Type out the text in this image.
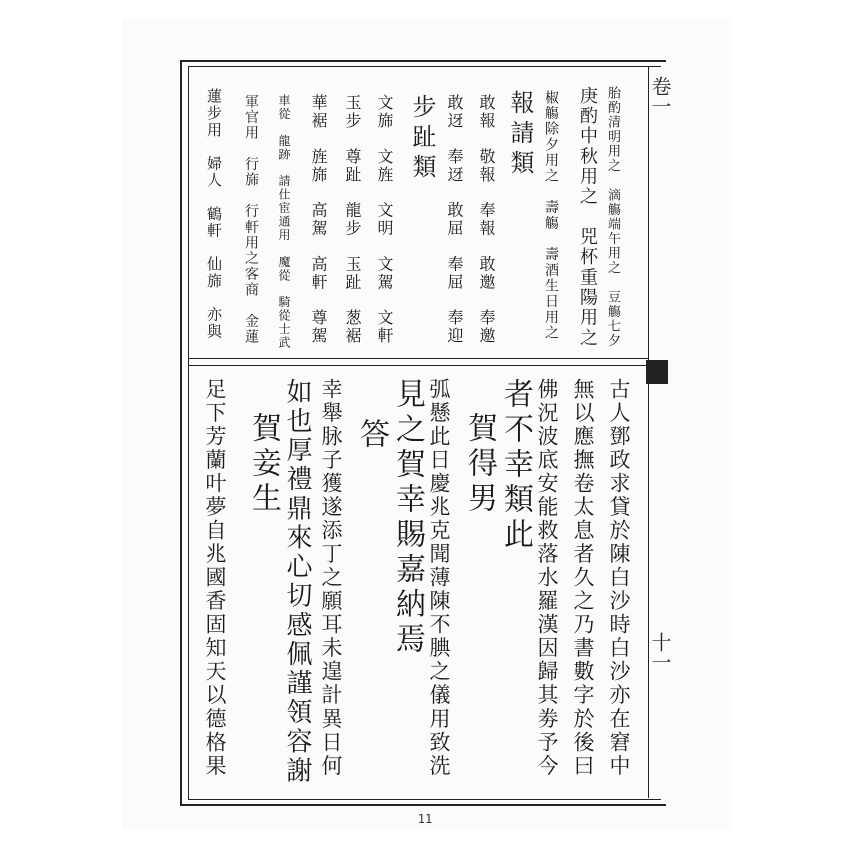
卷一
十一
胎酌清明用之　滴觴端午用之　豆觴七夕
庚酌中秋用之　兕杯重陽用之
椒觴除夕用之　壽觴　壽酒生日用之
報請類
敢報　敬報　奉報　敢邀　奉邀
敢迓　奉迓　敢屈　奉屈　奉迎
步趾類
文旆　文旌　文明　文駕　文軒
玉步　尊趾　龍步　玉趾　葱裾
華裾　旌旆　高駕　高軒　尊駕
車從　龍跡　請仕宦通用　魔從　騎從士武
軍官用　行旆　行軒用之客商　金蓮
蓮步用　婦人　鶴軒　仙旆　亦與
古人鄧政求貸於陳白沙時白沙亦在窘中
無以應撫卷太息者久之乃書數字於後曰
佛況波底安能救落水羅漢因歸其劵予今
者不幸類此
賀得男
弧懸此日慶兆克聞薄陳不腆之儀用致洗
見之賀幸賜嘉納焉
答
幸舉脉子獲遂添丁之願耳未遑計異日何
如也厚禮鼎來心切感佩謹領容謝
賀妾生
足下芳蘭叶夢自兆國香固知天以德格果
11
